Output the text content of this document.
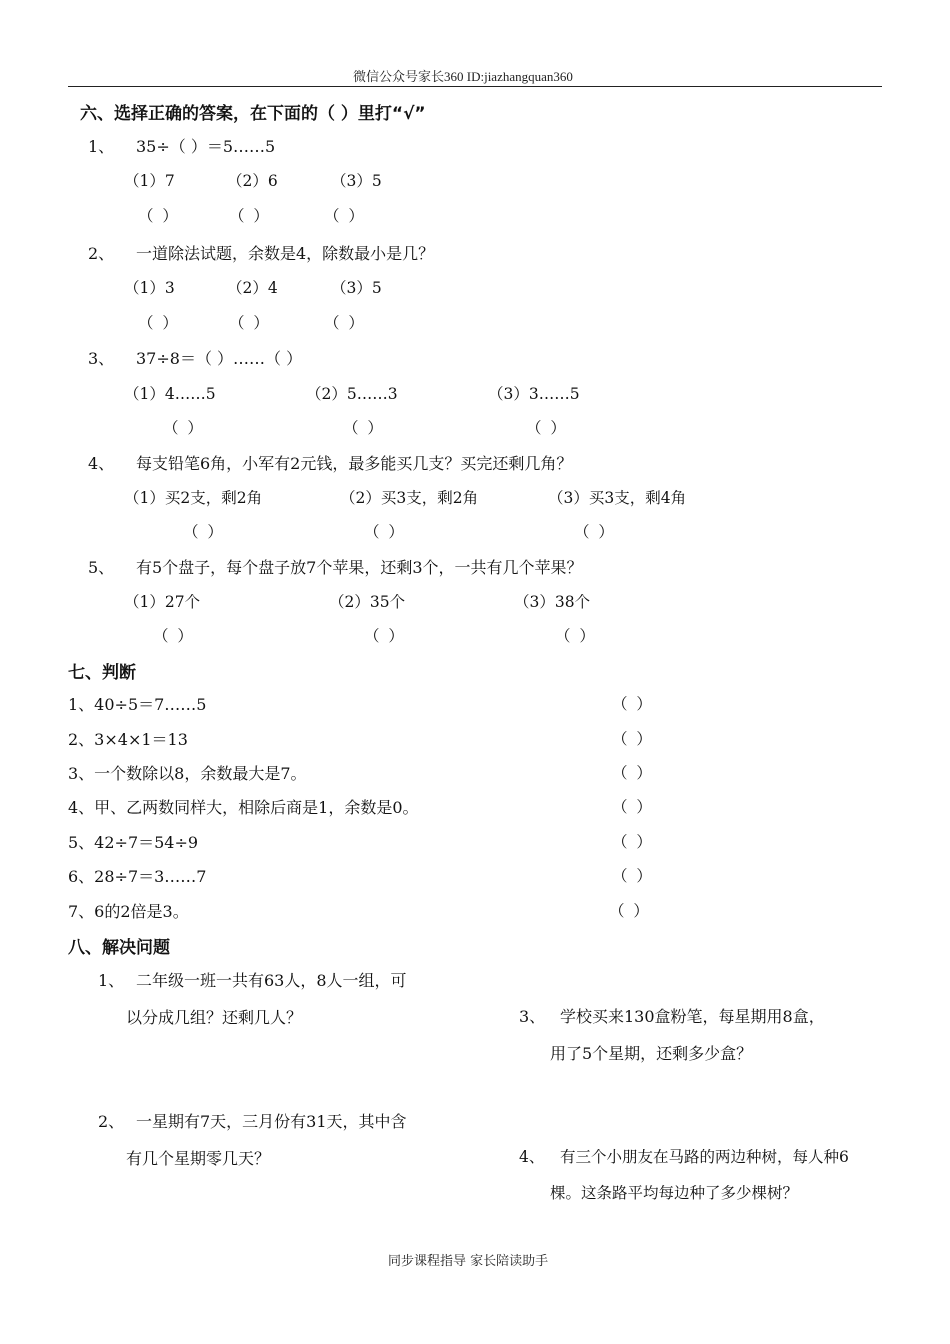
微信公众号家长360 ID:jiazhangquan360
六、选择正确的答案，在下面的（ ）里打“√”
1、 35÷（ ）＝5……5
（1）7	（2）6	（3）5
（ ）	（ ）	（ ）
2、 一道除法试题，余数是4，除数最小是几？
（1）3	（2）4	（3）5
（ ）	（ ）	（ ）
3、 37÷8＝（ ）……（ ）
（1）4……5	（2）5……3	（3）3……5
（ ）	（ ）	（ ）
4、 每支铅笔6角，小军有2元钱，最多能买几支？买完还剩几角？
（1）买2支，剩2角	（2）买3支，剩2角	（3）买3支，剩4角
（ ）	（ ）	（ ）
5、 有5个盘子，每个盘子放7个苹果，还剩3个，一共有几个苹果？
（1）27个	（2）35个	（3）38个
（ ）	（ ）	（ ）
七、判断
1、40÷5＝7……5	（ ）
2、3×4×1＝13	（ ）
3、一个数除以8，余数最大是7。	（ ）
4、甲、乙两数同样大，相除后商是1，余数是0。	（ ）
5、42÷7＝54÷9	（ ）
6、28÷7＝3……7	（ ）
7、6的2倍是3。	（ ）
八、解决问题
1、 二年级一班一共有63人，8人一组，可
以分成几组？还剩几人？
2、 一星期有7天，三月份有31天，其中含
有几个星期零几天？
3、 学校买来130盒粉笔，每星期用8盒，
用了5个星期，还剩多少盒？
4、 有三个小朋友在马路的两边种树，每人种6
棵。这条路平均每边种了多少棵树？
同步课程指导 家长陪读助手
